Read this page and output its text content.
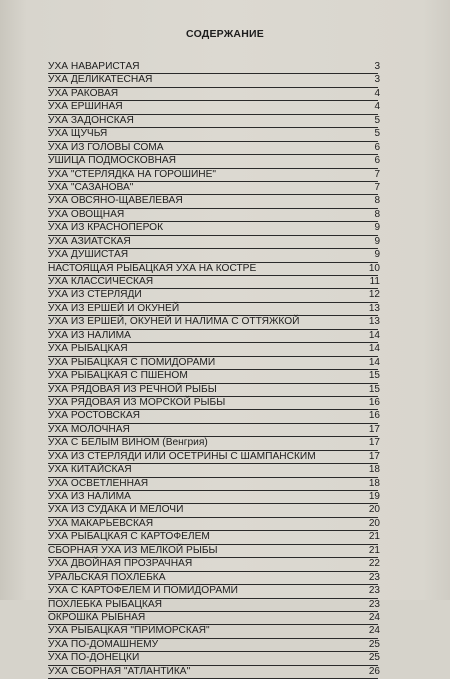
СОДЕРЖАНИЕ
УХА НАВАРИСТАЯ	3
УХА ДЕЛИКАТЕСНАЯ	3
УХА РАКОВАЯ	4
УХА ЕРШИНАЯ	4
УХА ЗАДОНСКАЯ	5
УХА ЩУЧЬЯ	5
УХА ИЗ ГОЛОВЫ СОМА	6
УШИЦА ПОДМОСКОВНАЯ	6
УХА "СТЕРЛЯДКА НА ГОРОШИНЕ"	7
УХА "САЗАНОВА"	7
УХА ОВСЯНО-ЩАВЕЛЕВАЯ	8
УХА ОВОЩНАЯ	8
УХА ИЗ КРАСНОПЕРОК	9
УХА АЗИАТСКАЯ	9
УХА ДУШИСТАЯ	9
НАСТОЯЩАЯ РЫБАЦКАЯ УХА НА КОСТРЕ	10
УХА КЛАССИЧЕСКАЯ	11
УХА ИЗ СТЕРЛЯДИ	12
УХА ИЗ ЕРШЕЙ И ОКУНЕЙ	13
УХА ИЗ ЕРШЕЙ, ОКУНЕЙ И НАЛИМА С ОТТЯЖКОЙ	13
УХА ИЗ НАЛИМА	14
УХА РЫБАЦКАЯ	14
УХА РЫБАЦКАЯ С ПОМИДОРАМИ	14
УХА РЫБАЦКАЯ С ПШЕНОМ	15
УХА РЯДОВАЯ ИЗ РЕЧНОЙ РЫБЫ	15
УХА РЯДОВАЯ ИЗ МОРСКОЙ РЫБЫ	16
УХА РОСТОВСКАЯ	16
УХА МОЛОЧНАЯ	17
УХА С БЕЛЫМ ВИНОМ (Венгрия)	17
УХА ИЗ СТЕРЛЯДИ ИЛИ ОСЕТРИНЫ С ШАМПАНСКИМ	17
УХА КИТАЙСКАЯ	18
УХА ОСВЕТЛЕННАЯ	18
УХА ИЗ НАЛИМА	19
УХА ИЗ СУДАКА И МЕЛОЧИ	20
УХА МАКАРЬЕВСКАЯ	20
УХА РЫБАЦКАЯ С КАРТОФЕЛЕМ	21
СБОРНАЯ УХА ИЗ МЕЛКОЙ РЫБЫ	21
УХА ДВОЙНАЯ ПРОЗРАЧНАЯ	22
УРАЛЬСКАЯ ПОХЛЕБКА	23
УХА С КАРТОФЕЛЕМ И ПОМИДОРАМИ	23
ПОХЛЕБКА РЫБАЦКАЯ	23
ОКРОШКА РЫБНАЯ	24
УХА РЫБАЦКАЯ "ПРИМОРСКАЯ"	24
УХА ПО-ДОМАШНЕМУ	25
УХА ПО-ДОНЕЦКИ	25
УХА СБОРНАЯ "АТЛАНТИКА"	26
